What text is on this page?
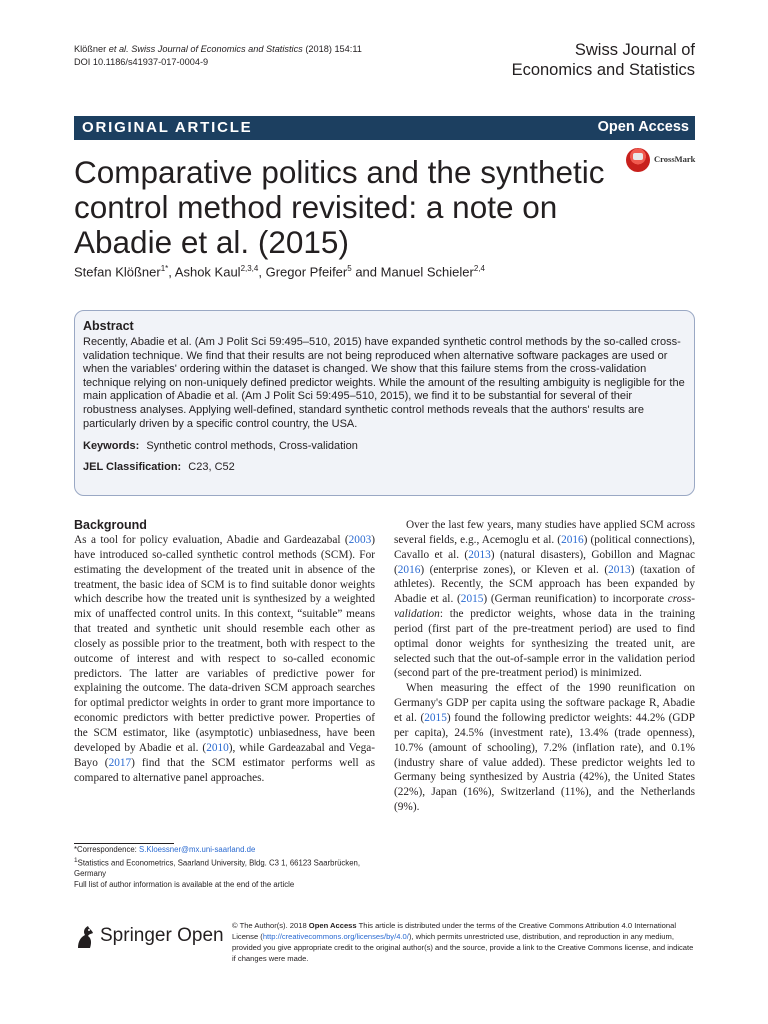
Klößner et al. Swiss Journal of Economics and Statistics (2018) 154:11
DOI 10.1186/s41937-017-0004-9
Swiss Journal of
Economics and Statistics
ORIGINAL ARTICLE	Open Access
CrossMark
Comparative politics and the synthetic control method revisited: a note on Abadie et al. (2015)
Stefan Klößner$^{1*}$, Ashok Kaul$^{2,3,4}$, Gregor Pfeifer$^5$ and Manuel Schieler$^{2,4}$
Abstract
Recently, Abadie et al. (Am J Polit Sci 59:495–510, 2015) have expanded synthetic control methods by the so-called cross-validation technique. We find that their results are not being reproduced when alternative software packages are used or when the variables' ordering within the dataset is changed. We show that this failure stems from the cross-validation technique relying on non-uniquely defined predictor weights. While the amount of the resulting ambiguity is negligible for the main application of Abadie et al. (Am J Polit Sci 59:495–510, 2015), we find it to be substantial for several of their robustness analyses. Applying well-defined, standard synthetic control methods reveals that the authors' results are particularly driven by a specific control country, the USA.
Keywords: Synthetic control methods, Cross-validation
JEL Classification: C23, C52
Background

As a tool for policy evaluation, Abadie and Gardeazabal (2003) have introduced so-called synthetic control methods (SCM). For estimating the development of the treated unit in absence of the treatment, the basic idea of SCM is to find suitable donor weights which describe how the treated unit is synthesized by a weighted mix of unaffected control units. In this context, “suitable” means that treated and synthetic unit should resemble each other as closely as possible prior to the treatment, both with respect to the outcome of interest and with respect to so-called economic predictors. The latter are variables of predictive power for explaining the outcome. The data-driven SCM approach searches for optimal predictor weights in order to grant more importance to economic predictors with better predictive power. Properties of the SCM estimator, like (asymptotic) unbiasedness, have been developed by Abadie et al. (2010), while Gardeazabal and Vega-Bayo (2017) find that the SCM estimator performs well as compared to alternative panel approaches.

Over the last few years, many studies have applied SCM across several fields, e.g., Acemoglu et al. (2016) (political connections), Cavallo et al. (2013) (natural disasters), Gobillon and Magnac (2016) (enterprise zones), or Kleven et al. (2013) (taxation of athletes). Recently, the SCM approach has been expanded by Abadie et al. (2015) (German reunification) to incorporate cross-validation: the predictor weights, whose data in the training period (first part of the pre-treatment period) are used to find optimal donor weights for synthesizing the treated unit, are selected such that the out-of-sample error in the validation period (second part of the pre-treatment period) is minimized.

When measuring the effect of the 1990 reunification on Germany's GDP per capita using the software package R, Abadie et al. (2015) found the following predictor weights: 44.2% (GDP per capita), 24.5% (investment rate), 13.4% (trade openness), 10.7% (amount of schooling), 7.2% (inflation rate), and 0.1% (industry share of value added). These predictor weights led to Germany being synthesized by Austria (42%), the United States (22%), Japan (16%), Switzerland (11%), and the Netherlands (9%).

*Correspondence: S.Kloessner@mx.uni-saarland.de
$^1$Statistics and Econometrics, Saarland University, Bldg. C3 1, 66123 Saarbrücken, Germany
Full list of author information is available at the end of the article
Springer Open © The Author(s). 2018 Open Access This article is distributed under the terms of the Creative Commons Attribution 4.0 International License (http://creativecommons.org/licenses/by/4.0/), which permits unrestricted use, distribution, and reproduction in any medium, provided you give appropriate credit to the original author(s) and the source, provide a link to the Creative Commons license, and indicate if changes were made.
